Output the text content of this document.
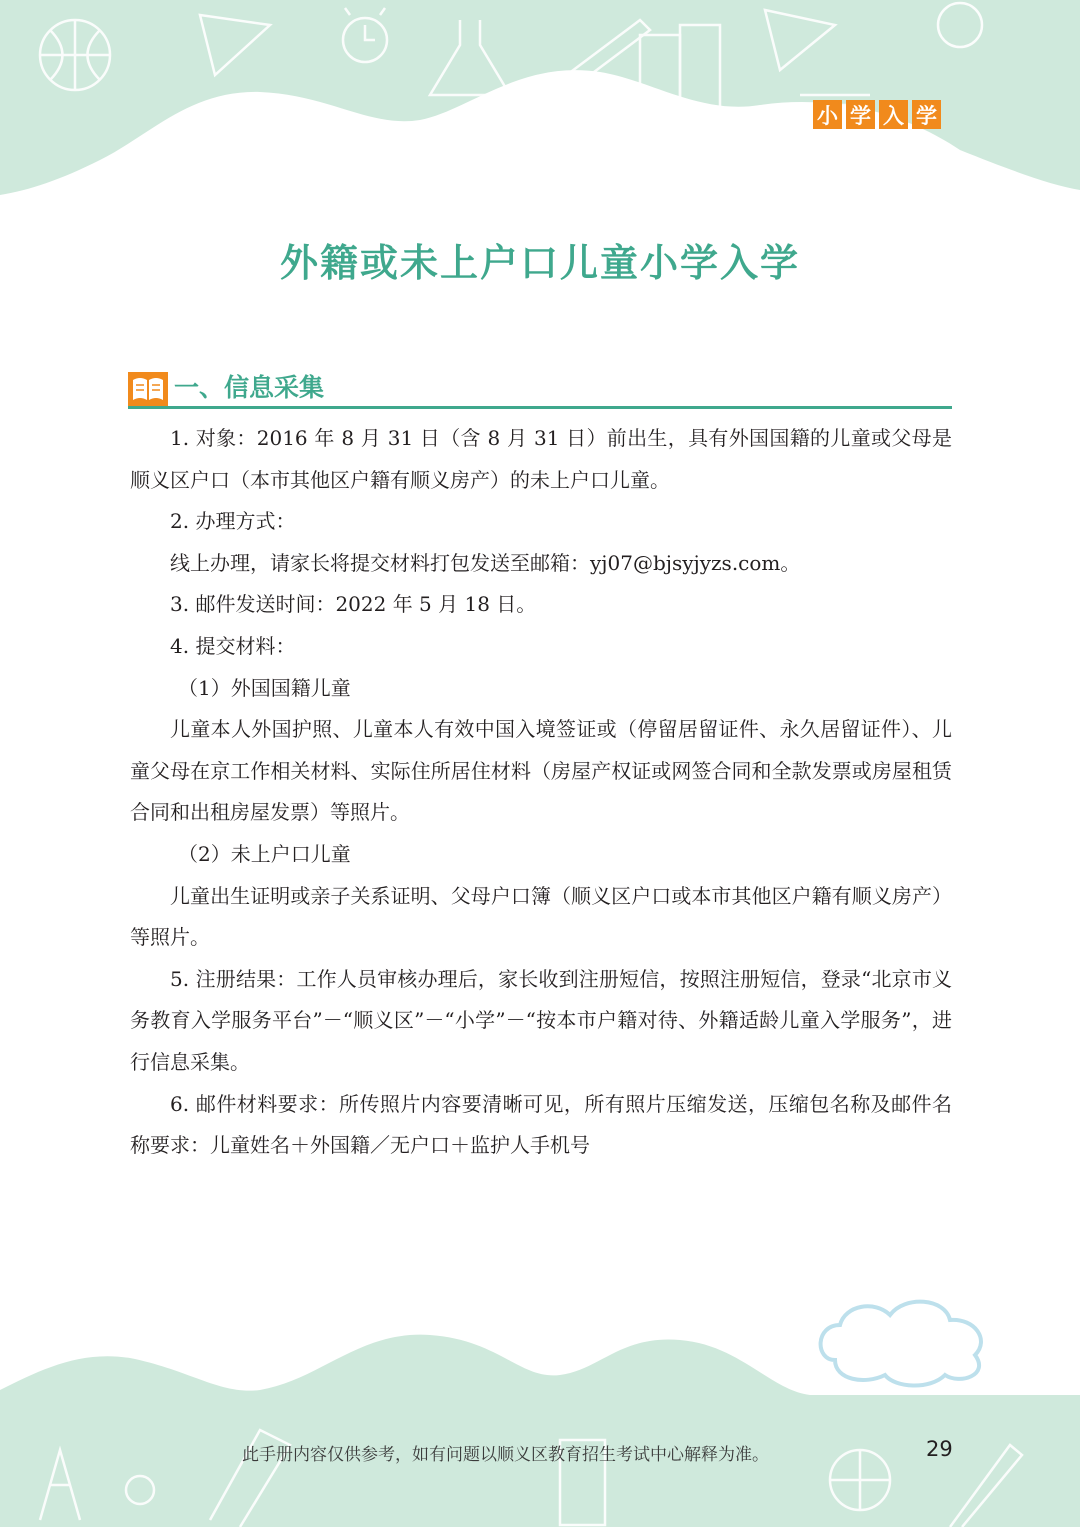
小 学 入 学
外籍或未上户口儿童小学入学
一、信息采集

1. 对象：2016 年 8 月 31 日（含 8 月 31 日）前出生，具有外国国籍的儿童或父母是顺义区户口（本市其他区户籍有顺义房产）的未上户口儿童。

2. 办理方式：

线上办理，请家长将提交材料打包发送至邮箱：yj07@bjsyjyzs.com。

3. 邮件发送时间：2022 年 5 月 18 日。

4. 提交材料：

（1）外国国籍儿童

儿童本人外国护照、儿童本人有效中国入境签证或（停留居留证件、永久居留证件）、儿童父母在京工作相关材料、实际住所居住材料（房屋产权证或网签合同和全款发票或房屋租赁合同和出租房屋发票）等照片。

（2）未上户口儿童

儿童出生证明或亲子关系证明、父母户口簿（顺义区户口或本市其他区户籍有顺义房产）等照片。

5. 注册结果：工作人员审核办理后，家长收到注册短信，按照注册短信，登录“北京市义务教育入学服务平台”－“顺义区”－“小学”－“按本市户籍对待、外籍适龄儿童入学服务”，进行信息采集。

6. 邮件材料要求：所传照片内容要清晰可见，所有照片压缩发送，压缩包名称及邮件名称要求：儿童姓名＋外国籍／无户口＋监护人手机号

此手册内容仅供参考，如有问题以顺义区教育招生考试中心解释为准。	29
